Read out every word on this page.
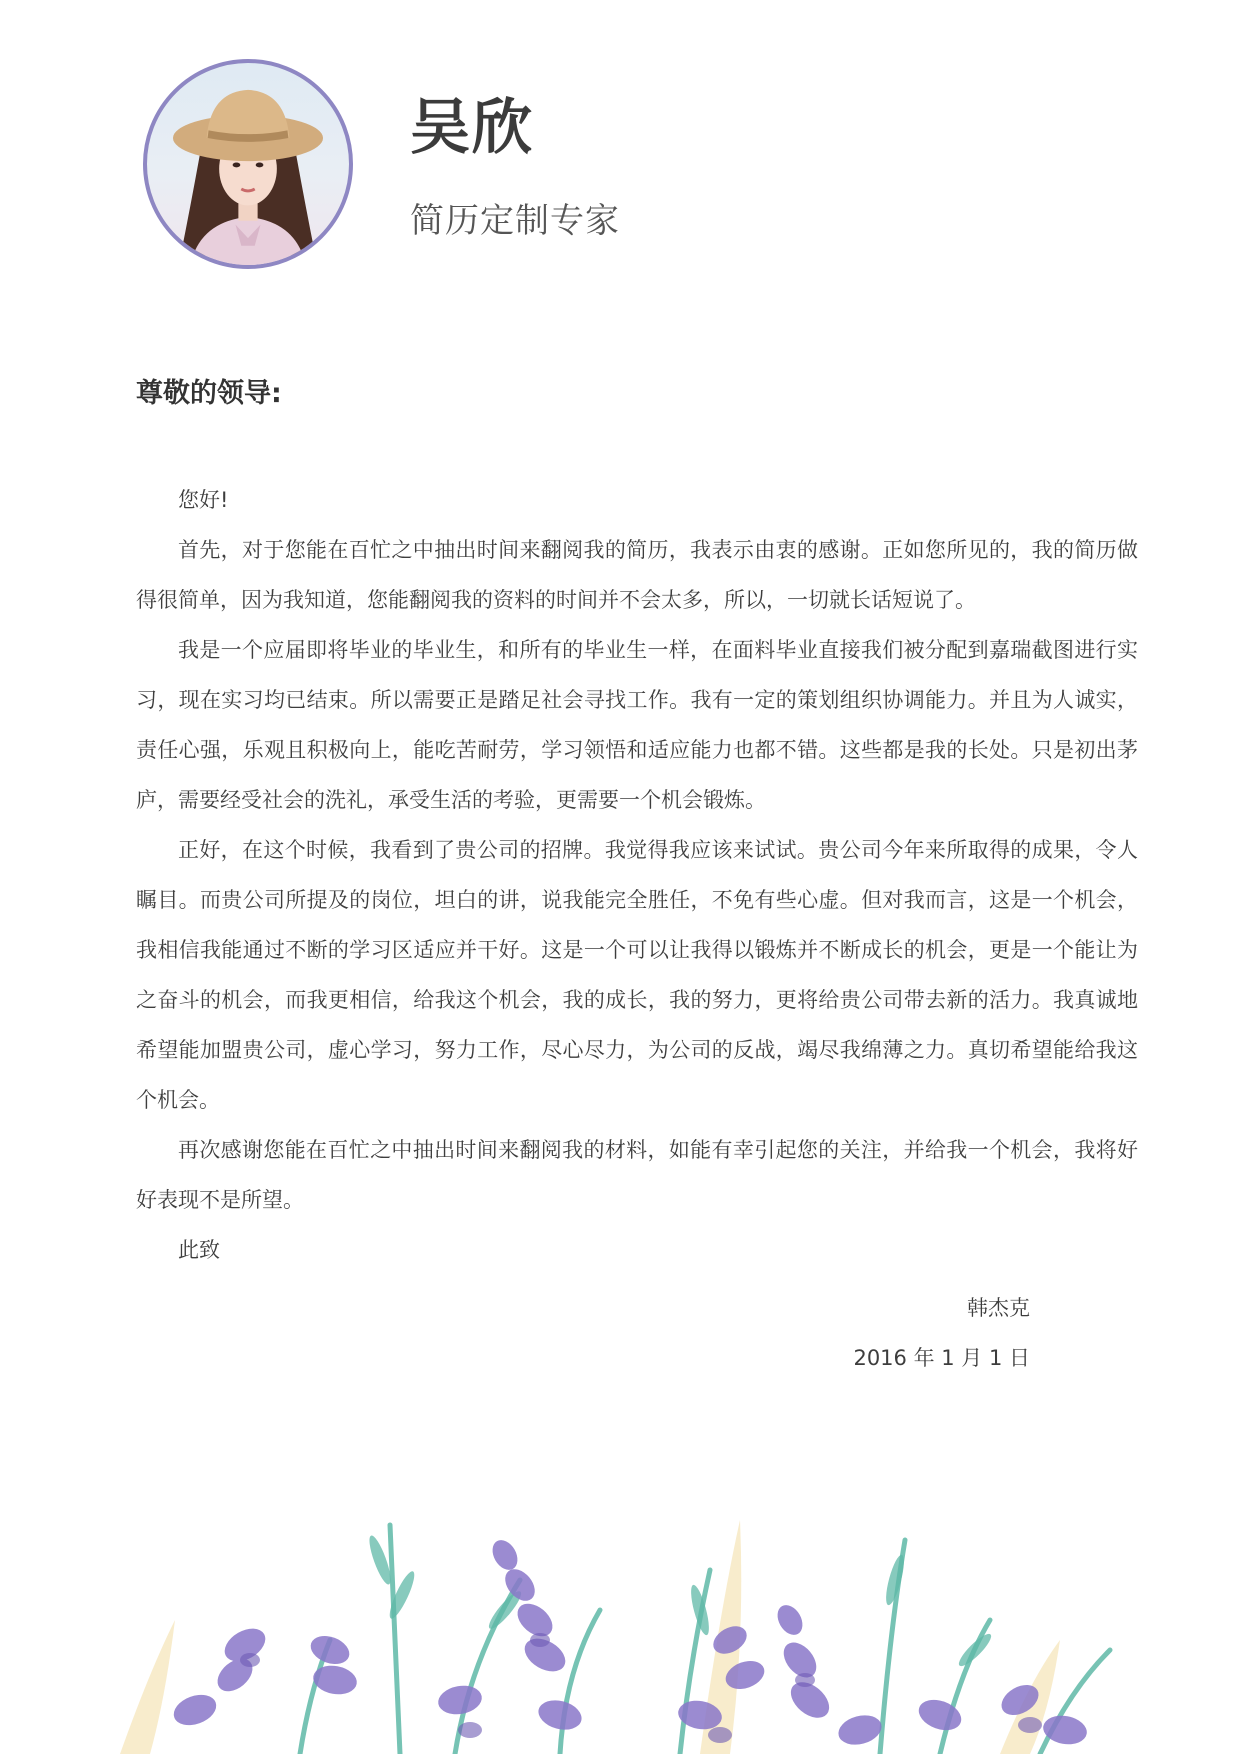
吴欣
简历定制专家
尊敬的领导:

您好!

首先，对于您能在百忙之中抽出时间来翻阅我的简历，我表示由衷的感谢。正如您所见的，我的简历做得很简单，因为我知道，您能翻阅我的资料的时间并不会太多，所以，一切就长话短说了。

我是一个应届即将毕业的毕业生，和所有的毕业生一样，在面料毕业直接我们被分配到嘉瑞截图进行实习，现在实习均已结束。所以需要正是踏足社会寻找工作。我有一定的策划组织协调能力。并且为人诚实，责任心强，乐观且积极向上，能吃苦耐劳，学习领悟和适应能力也都不错。这些都是我的长处。只是初出茅庐，需要经受社会的洗礼，承受生活的考验，更需要一个机会锻炼。

正好，在这个时候，我看到了贵公司的招牌。我觉得我应该来试试。贵公司今年来所取得的成果，令人瞩目。而贵公司所提及的岗位，坦白的讲，说我能完全胜任，不免有些心虚。但对我而言，这是一个机会，我相信我能通过不断的学习区适应并干好。这是一个可以让我得以锻炼并不断成长的机会，更是一个能让为之奋斗的机会，而我更相信，给我这个机会，我的成长，我的努力，更将给贵公司带去新的活力。我真诚地希望能加盟贵公司，虚心学习，努力工作，尽心尽力，为公司的反战，竭尽我绵薄之力。真切希望能给我这个机会。

再次感谢您能在百忙之中抽出时间来翻阅我的材料，如能有幸引起您的关注，并给我一个机会，我将好好表现不是所望。

此致

韩杰克
2016 年 1 月 1 日
